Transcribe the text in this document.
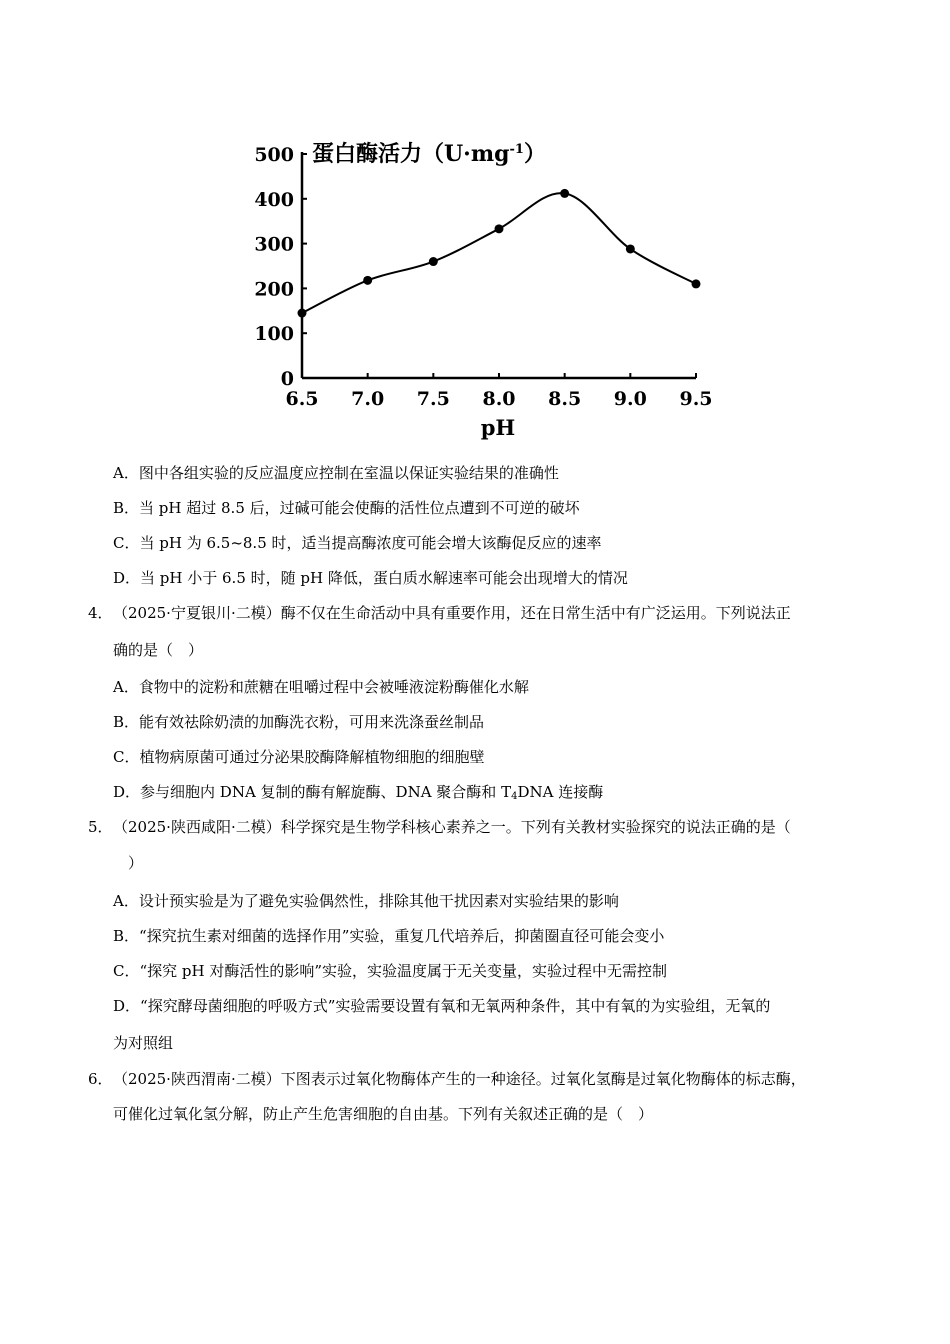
0
100
200
300
400
500
6.5 7.0 7.5 8.0 8.5 9.0 9.5
蛋白酶活力$(U\cdot mg^{-1})$
pH
A．图中各组实验的反应温度应控制在室温以保证实验结果的准确性
B．当 pH 超过 8.5 后，过碱可能会使酶的活性位点遭到不可逆的破坏
C．当 pH 为 6.5~8.5 时，适当提高酶浓度可能会增大该酶促反应的速率
D．当 pH 小于 6.5 时，随 pH 降低，蛋白质水解速率可能会出现增大的情况
4． （2025·宁夏银川·二模）酶不仅在生命活动中具有重要作用，还在日常生活中有广泛运用。下列说法正
确的是（　）
A．食物中的淀粉和蔗糖在咀嚼过程中会被唾液淀粉酶催化水解
B．能有效祛除奶渍的加酶洗衣粉，可用来洗涤蚕丝制品
C．植物病原菌可通过分泌果胶酶降解植物细胞的细胞壁
D．参与细胞内 DNA 复制的酶有解旋酶、DNA 聚合酶和 $T_4DNA$ 连接酶
5． （2025·陕西咸阳·二模）科学探究是生物学科核心素养之一。下列有关教材实验探究的说法正确的是（
）
A．设计预实验是为了避免实验偶然性，排除其他干扰因素对实验结果的影响
B．“探究抗生素对细菌的选择作用”实验，重复几代培养后，抑菌圈直径可能会变小
C．“探究 pH 对酶活性的影响”实验，实验温度属于无关变量，实验过程中无需控制
D．“探究酵母菌细胞的呼吸方式”实验需要设置有氧和无氧两种条件，其中有氧的为实验组，无氧的
为对照组
6． （2025·陕西渭南·二模）下图表示过氧化物酶体产生的一种途径。过氧化氢酶是过氧化物酶体的标志酶，
可催化过氧化氢分解，防止产生危害细胞的自由基。下列有关叙述正确的是（　）
